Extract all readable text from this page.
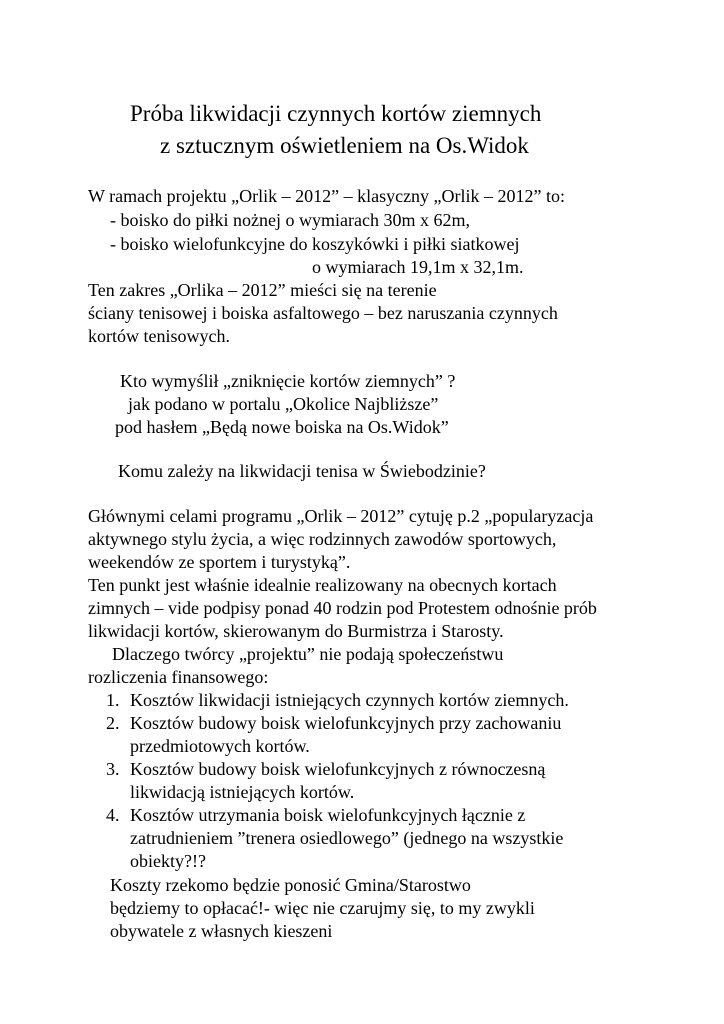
Próba likwidacji czynnych kortów ziemnych
z sztucznym oświetleniem na Os.Widok
W ramach projektu „Orlik – 2012” – klasyczny „Orlik – 2012” to:
- boisko do piłki nożnej o wymiarach 30m x 62m,
- boisko wielofunkcyjne do koszykówki i piłki siatkowej
o wymiarach 19,1m x 32,1m.
Ten zakres „Orlika – 2012” mieści się na terenie
ściany tenisowej i boiska asfaltowego – bez naruszania czynnych
kortów tenisowych.
Kto wymyślił „zniknięcie kortów ziemnych” ?
jak podano w portalu „Okolice Najbliższe”
pod hasłem „Będą nowe boiska na Os.Widok”
Komu zależy na likwidacji tenisa w Świebodzinie?
Głównymi celami programu „Orlik – 2012” cytuję p.2 „popularyzacja
aktywnego stylu życia, a więc rodzinnych zawodów sportowych,
weekendów ze sportem i turystyką”.
Ten punkt jest właśnie idealnie realizowany na obecnych kortach
zimnych – vide podpisy ponad 40 rodzin pod Protestem odnośnie prób
likwidacji kortów, skierowanym do Burmistrza i Starosty.
Dlaczego twórcy „projektu” nie podają społeczeństwu
rozliczenia finansowego:
1. Kosztów likwidacji istniejących czynnych kortów ziemnych.
2. Kosztów budowy boisk wielofunkcyjnych przy zachowaniu
przedmiotowych kortów.
3. Kosztów budowy boisk wielofunkcyjnych z równoczesną
likwidacją istniejących kortów.
4. Kosztów utrzymania boisk wielofunkcyjnych łącznie z
zatrudnieniem ”trenera osiedlowego” (jednego na wszystkie
obiekty?!?
Koszty rzekomo będzie ponosić Gmina/Starostwo
będziemy to opłacać!- więc nie czarujmy się, to my zwykli
obywatele z własnych kieszeni
